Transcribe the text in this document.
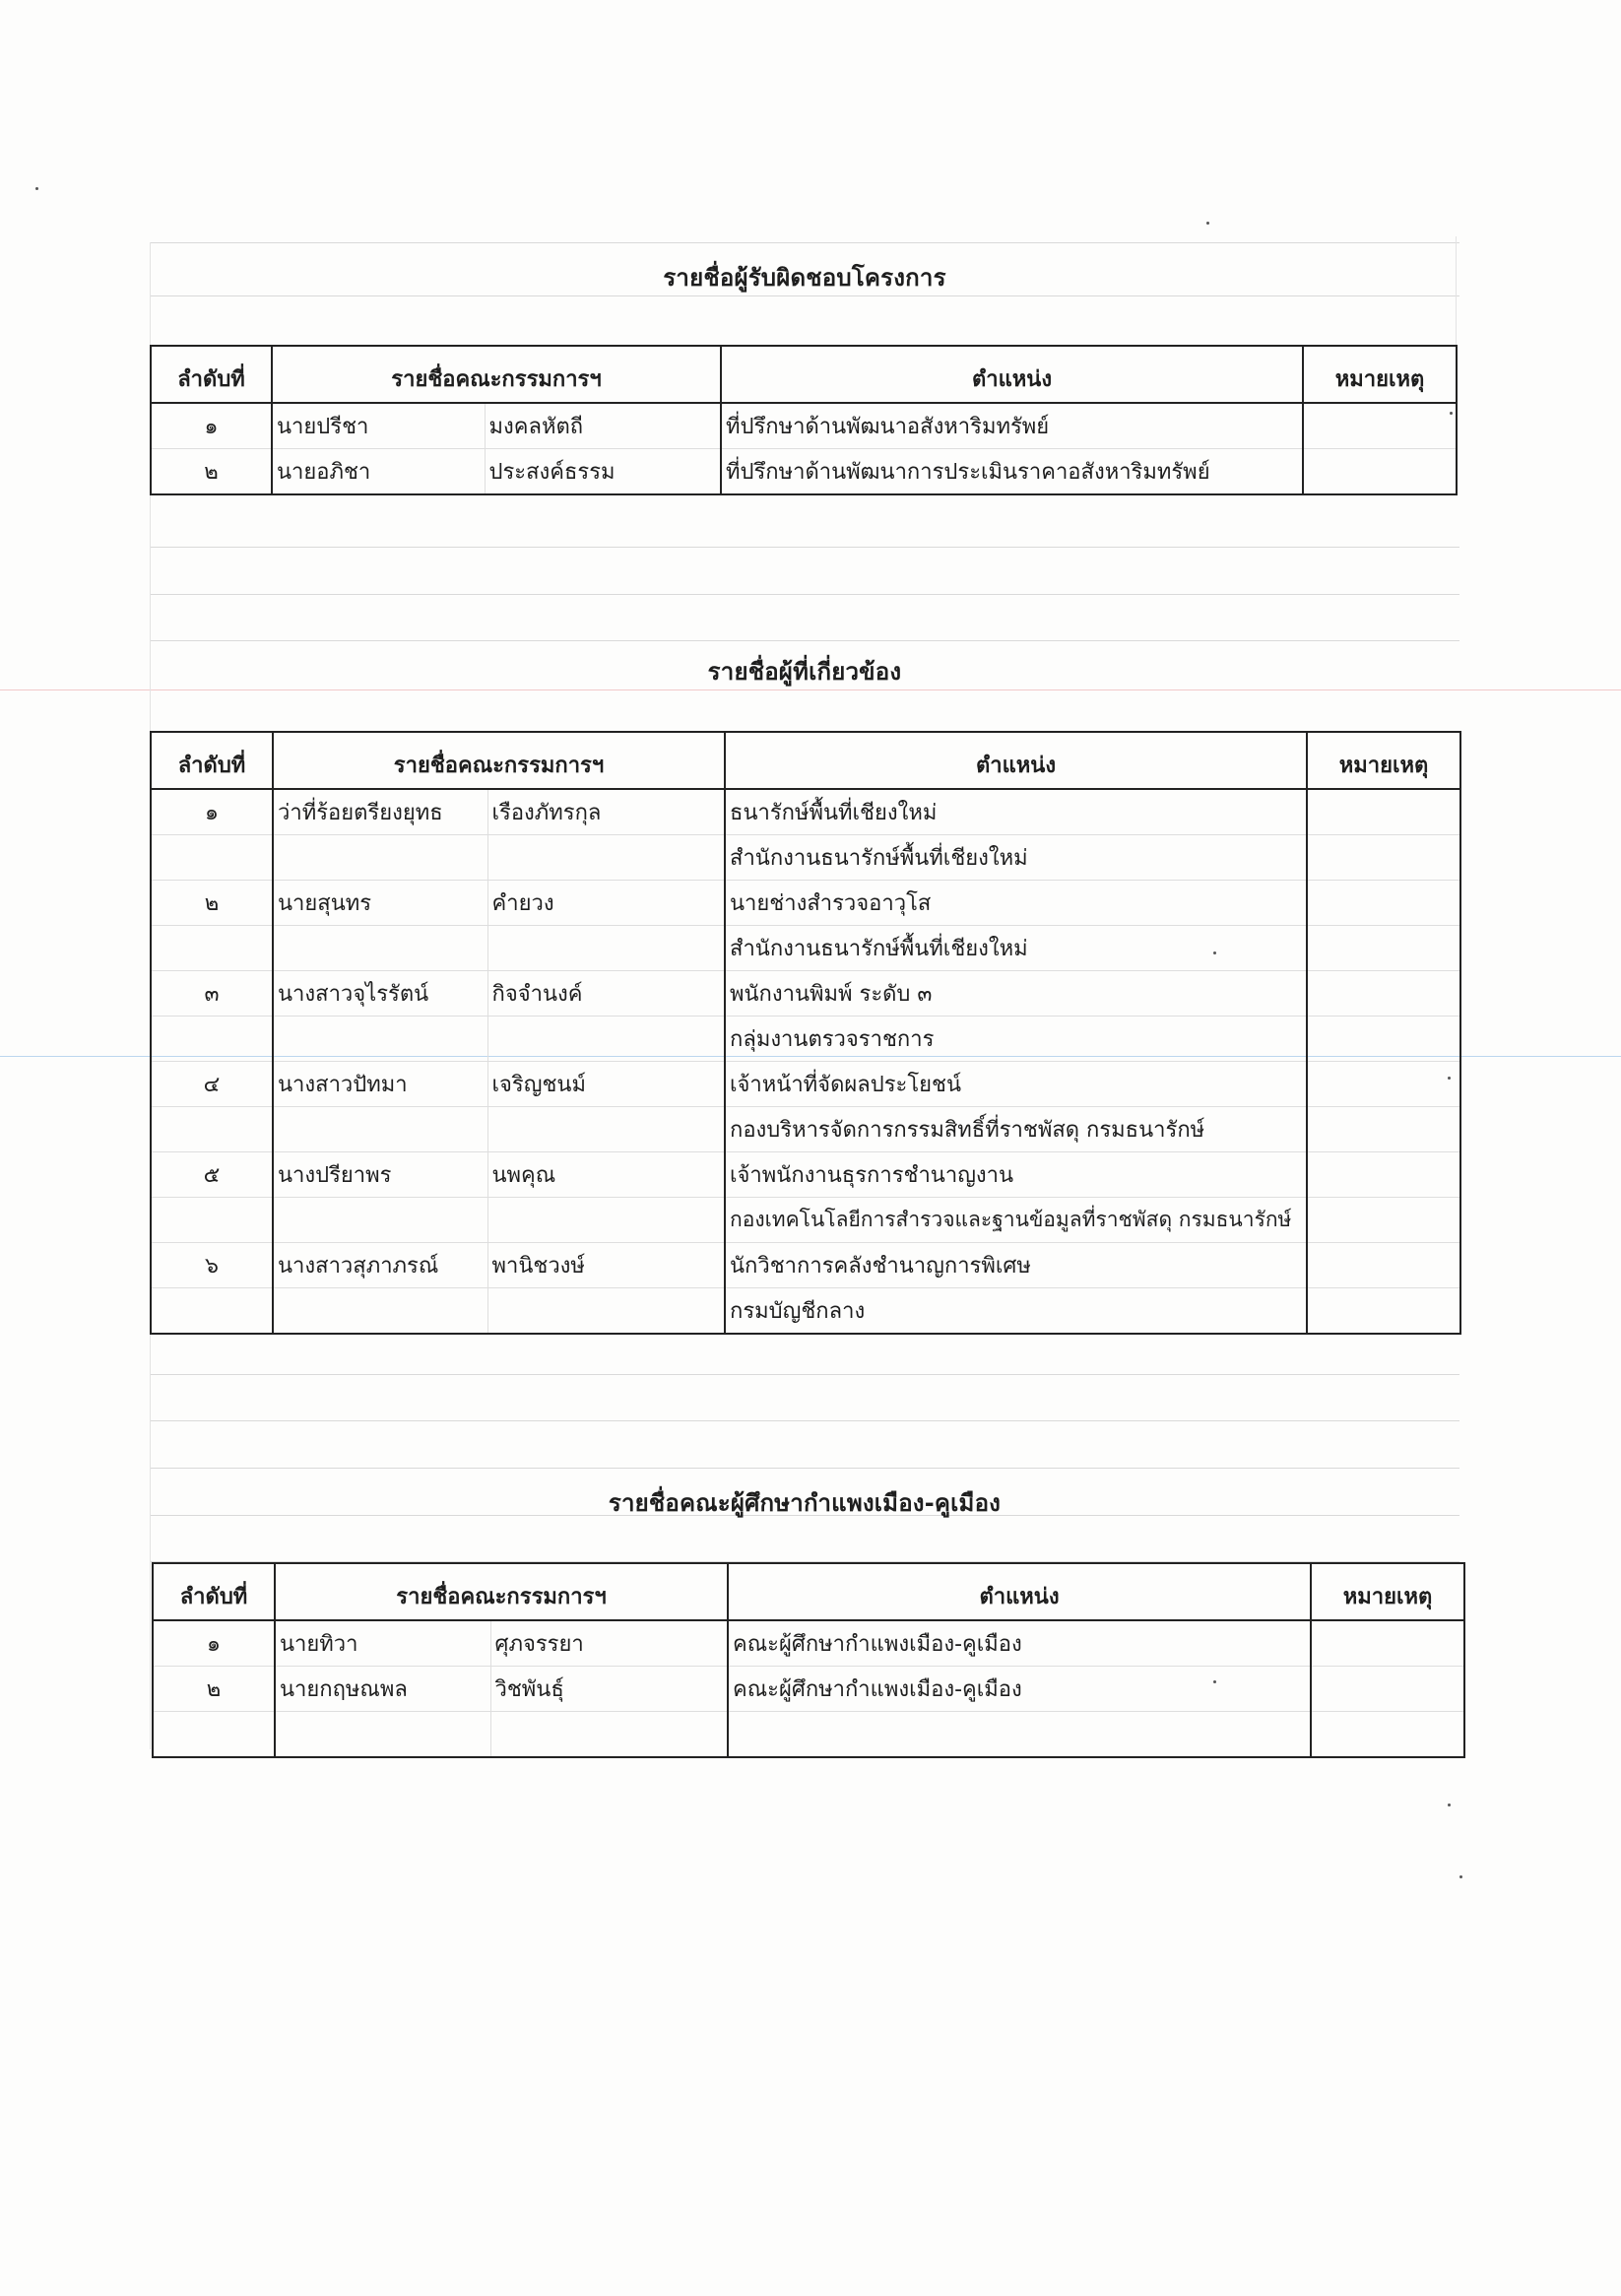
รายชื่อผู้รับผิดชอบโครงการ
ลำดับที่	รายชื่อคณะกรรมการฯ		ตำแหน่ง	หมายเหตุ
๑	นายปรีชา	มงคลหัตถี	ที่ปรึกษาด้านพัฒนาอสังหาริมทรัพย์	
๒	นายอภิชา	ประสงค์ธรรม	ที่ปรึกษาด้านพัฒนาการประเมินราคาอสังหาริมทรัพย์	
รายชื่อผู้ที่เกี่ยวข้อง
ลำดับที่	รายชื่อคณะกรรมการฯ		ตำแหน่ง	หมายเหตุ
๑	ว่าที่ร้อยตรียงยุทธ	เรืองภัทรกุล	ธนารักษ์พื้นที่เชียงใหม่	
			สำนักงานธนารักษ์พื้นที่เชียงใหม่	
๒	นายสุนทร	คำยวง	นายช่างสำรวจอาวุโส	
			สำนักงานธนารักษ์พื้นที่เชียงใหม่	
๓	นางสาวจุไรรัตน์	กิจจำนงค์	พนักงานพิมพ์ ระดับ ๓	
			กลุ่มงานตรวจราชการ	
๔	นางสาวปัทมา	เจริญชนม์	เจ้าหน้าที่จัดผลประโยชน์	
			กองบริหารจัดการกรรมสิทธิ์ที่ราชพัสดุ กรมธนารักษ์	
๕	นางปรียาพร	นพคุณ	เจ้าพนักงานธุรการชำนาญงาน	
			กองเทคโนโลยีการสำรวจและฐานข้อมูลที่ราชพัสดุ กรมธนารักษ์	
๖	นางสาวสุภาภรณ์	พานิชวงษ์	นักวิชาการคลังชำนาญการพิเศษ	
			กรมบัญชีกลาง	
รายชื่อคณะผู้ศึกษากำแพงเมือง-คูเมือง
ลำดับที่	รายชื่อคณะกรรมการฯ		ตำแหน่ง	หมายเหตุ
๑	นายทิวา	ศุภจรรยา	คณะผู้ศึกษากำแพงเมือง-คูเมือง	
๒	นายกฤษณพล	วิชพันธุ์	คณะผู้ศึกษากำแพงเมือง-คูเมือง	
